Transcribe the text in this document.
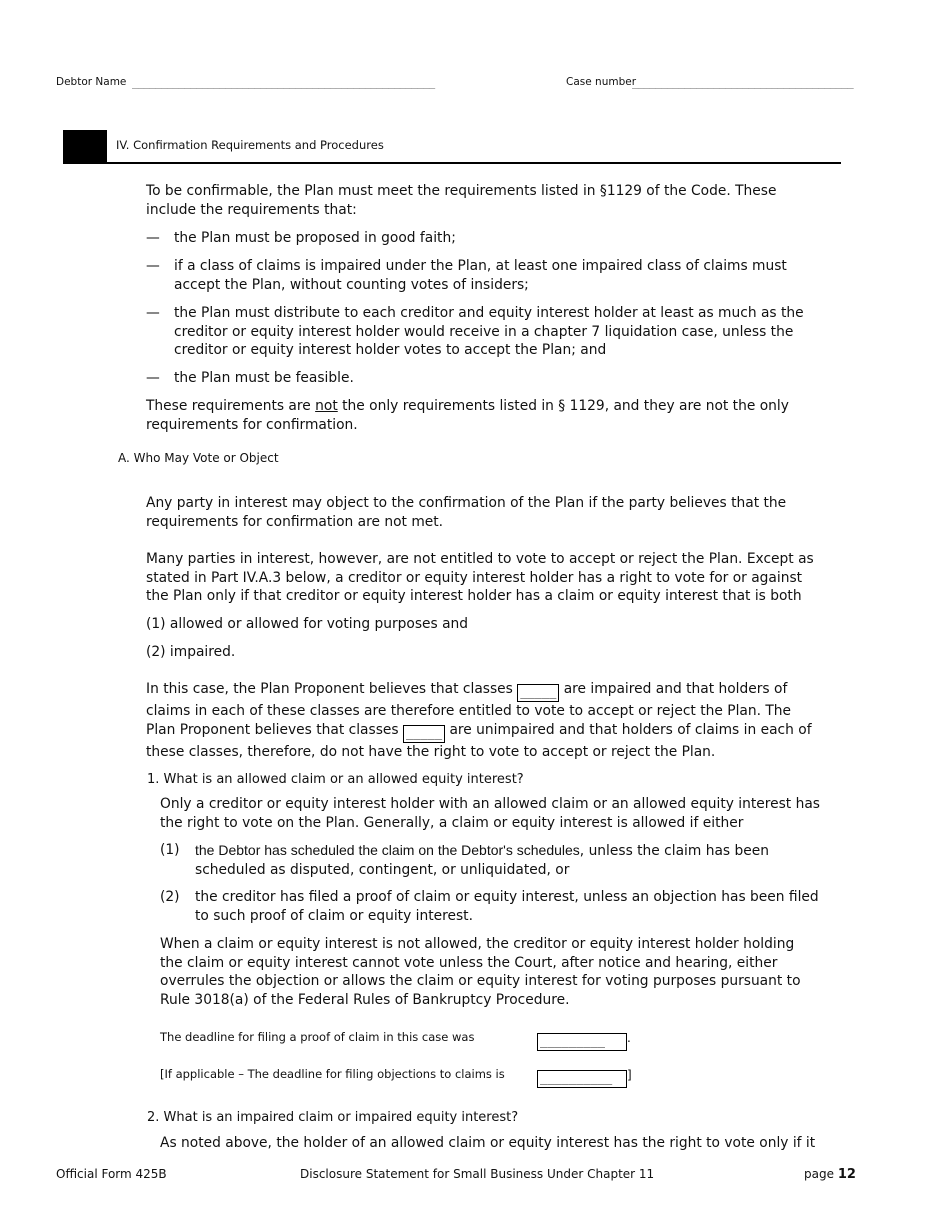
Debtor Name ____________________________________________________	Case number
______________________________________
IV. Confirmation Requirements and Procedures
To be confirmable, the Plan must meet the requirements listed in §1129 of the Code. These include the requirements that:
— the Plan must be proposed in good faith;
— if a class of claims is impaired under the Plan, at least one impaired class of claims must accept the Plan, without counting votes of insiders;
— the Plan must distribute to each creditor and equity interest holder at least as much as the creditor or equity interest holder would receive in a chapter 7 liquidation case, unless the creditor or equity interest holder votes to accept the Plan; and
— the Plan must be feasible.
These requirements are not the only requirements listed in § 1129, and they are not the only requirements for confirmation.
A. Who May Vote or Object
Any party in interest may object to the confirmation of the Plan if the party believes that the requirements for confirmation are not met.
Many parties in interest, however, are not entitled to vote to accept or reject the Plan. Except as stated in Part IV.A.3 below, a creditor or equity interest holder has a right to vote for or against the Plan only if that creditor or equity interest holder has a claim or equity interest that is both
(1) allowed or allowed for voting purposes and
(2) impaired.
In this case, the Plan Proponent believes that classes _____ are impaired and that holders of claims in each of these classes are therefore entitled to vote to accept or reject the Plan. The Plan Proponent believes that classes _____ are unimpaired and that holders of claims in each of these classes, therefore, do not have the right to vote to accept or reject the Plan.
1. What is an allowed claim or an allowed equity interest?
Only a creditor or equity interest holder with an allowed claim or an allowed equity interest has the right to vote on the Plan. Generally, a claim or equity interest is allowed if either
(1) the Debtor has scheduled the claim on the Debtor's schedules, unless the claim has been scheduled as disputed, contingent, or unliquidated, or
(2) the creditor has filed a proof of claim or equity interest, unless an objection has been filed to such proof of claim or equity interest.
When a claim or equity interest is not allowed, the creditor or equity interest holder holding the claim or equity interest cannot vote unless the Court, after notice and hearing, either overrules the objection or allows the claim or equity interest for voting purposes pursuant to Rule 3018(a) of the Federal Rules of Bankruptcy Procedure.
The deadline for filing a proof of claim in this case was	_________ .
[If applicable – The deadline for filing objections to claims is	__________ ]
2. What is an impaired claim or impaired equity interest?
As noted above, the holder of an allowed claim or equity interest has the right to vote only if it
Official Form 425B	Disclosure Statement for Small Business Under Chapter 11	page 12
